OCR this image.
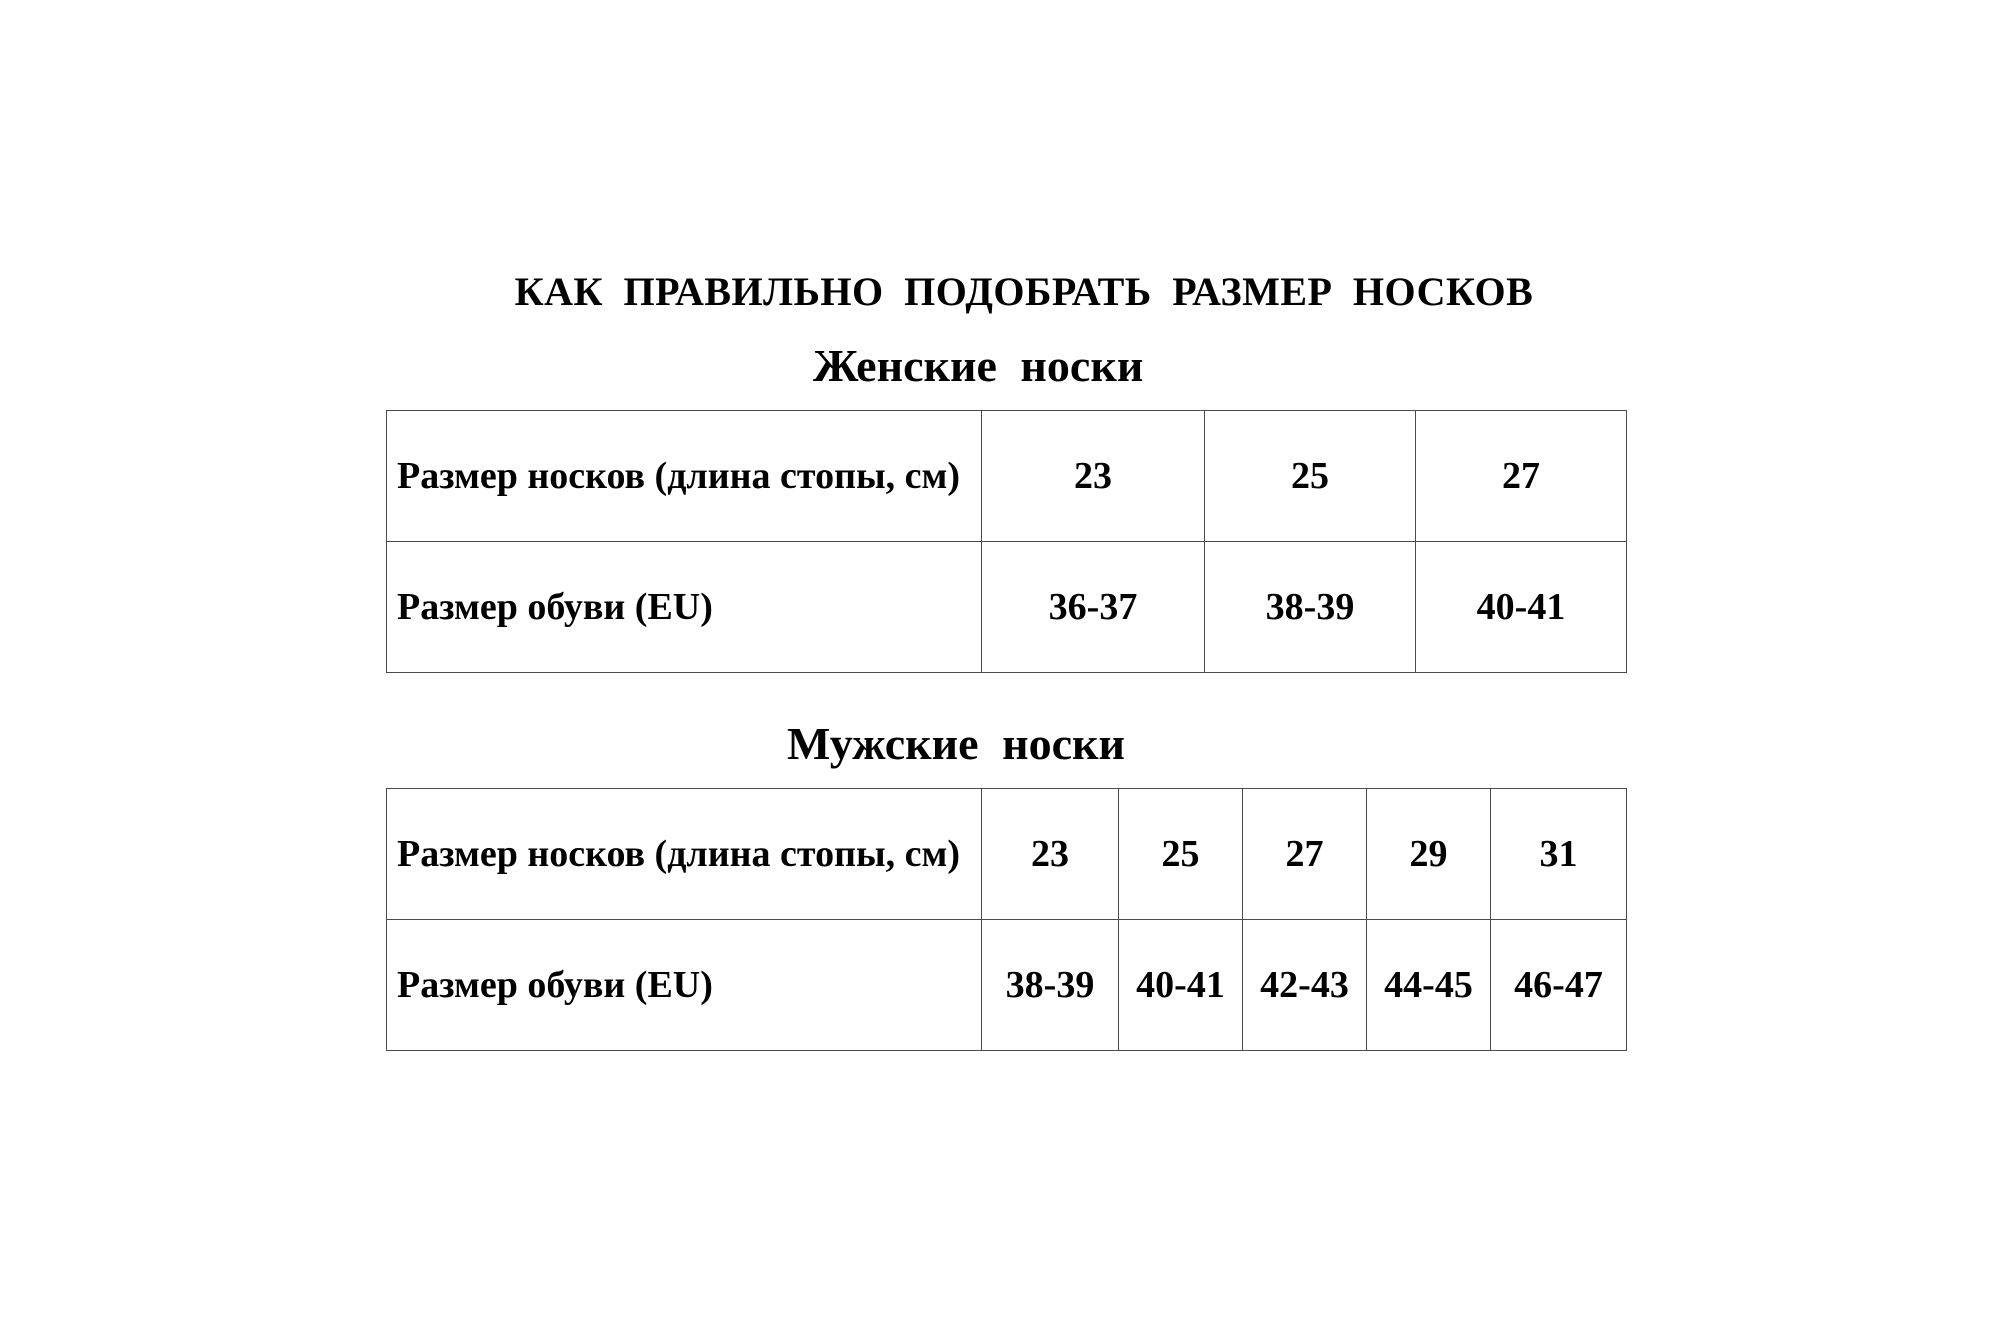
КАК ПРАВИЛЬНО ПОДОБРАТЬ РАЗМЕР НОСКОВ
Женские носки
Размер носков (длина стопы, см)	23	25	27
Размер обуви (EU)	36-37	38-39	40-41
Мужские носки
Размер носков (длина стопы, см)	23	25	27	29	31
Размер обуви (EU)	38-39	40-41	42-43	44-45	46-47
